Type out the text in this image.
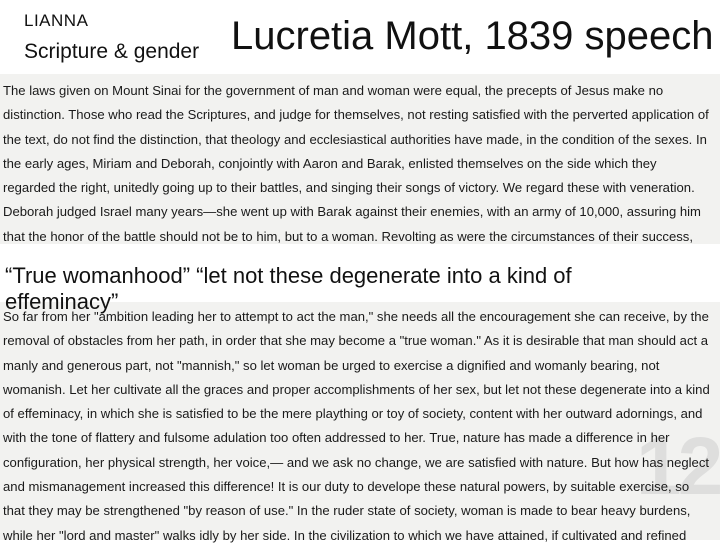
LIANNA
Scripture & gender Lucretia Mott, 1839 speech
The laws given on Mount Sinai for the government of man and woman were equal, the precepts of Jesus make no
distinction. Those who read the Scriptures, and judge for themselves, not resting satisfied with the perverted application of
the text, do not find the distinction, that theology and ecclesiastical authorities have made, in the condition of the sexes. In
the early ages, Miriam and Deborah, conjointly with Aaron and Barak, enlisted themselves on the side which they
regarded the right, unitedly going up to their battles, and singing their songs of victory. We regard these with veneration.
Deborah judged Israel many years—she went up with Barak against their enemies, with an army of 10,000, assuring him
that the honor of the battle should not be to him, but to a woman. Revolting as were the circumstances of their success,
So far from her "ambition leading her to attempt to act the man," she needs all the encouragement she can receive, by the
removal of obstacles from her path, in order that she may become a "true woman." As it is desirable that man should act a
manly and generous part, not "mannish," so let woman be urged to exercise a dignified and womanly bearing, not
womanish. Let her cultivate all the graces and proper accomplishments of her sex, but let not these degenerate into a kind
of effeminacy, in which she is satisfied to be the mere plaything or toy of society, content with her outward adornings, and
with the tone of flattery and fulsome adulation too often addressed to her. True, nature has made a difference in her
configuration, her physical strength, her voice,— and we ask no change, we are satisfied with nature. But how has neglect
and mismanagement increased this difference! It is our duty to develope these natural powers, by suitable exercise, so
that they may be strengthened "by reason of use." In the ruder state of society, woman is made to bear heavy burdens,
while her "lord and master" walks idly by her side. In the civilization to which we have attained, if cultivated and refined
12
“True womanhood” “let not these degenerate into a kind of effeminacy”
